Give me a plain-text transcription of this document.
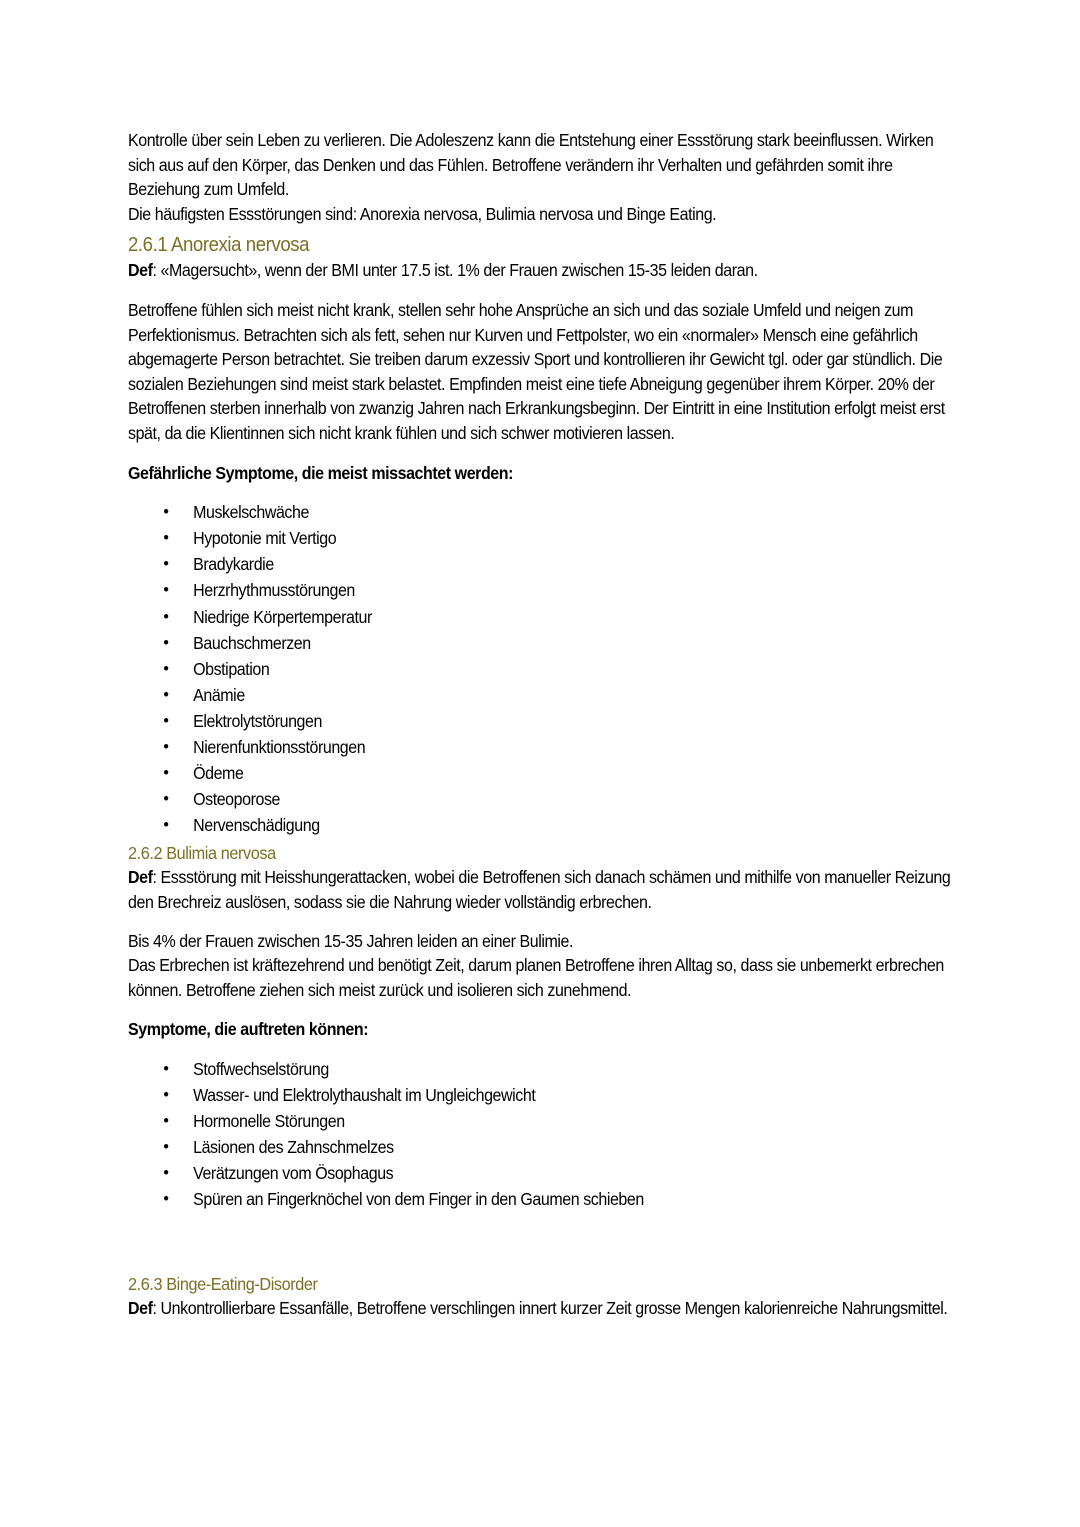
Kontrolle über sein Leben zu verlieren. Die Adoleszenz kann die Entstehung einer Essstörung stark beeinflussen. Wirken sich aus auf den Körper, das Denken und das Fühlen. Betroffene verändern ihr Verhalten und gefährden somit ihre Beziehung zum Umfeld.

Die häufigsten Essstörungen sind: Anorexia nervosa, Bulimia nervosa und Binge Eating.

2.6.1 Anorexia nervosa

Def: «Magersucht», wenn der BMI unter 17.5 ist. 1% der Frauen zwischen 15-35 leiden daran.

Betroffene fühlen sich meist nicht krank, stellen sehr hohe Ansprüche an sich und das soziale Umfeld und neigen zum Perfektionismus. Betrachten sich als fett, sehen nur Kurven und Fettpolster, wo ein «normaler» Mensch eine gefährlich abgemagerte Person betrachtet. Sie treiben darum exzessiv Sport und kontrollieren ihr Gewicht tgl. oder gar stündlich. Die sozialen Beziehungen sind meist stark belastet. Empfinden meist eine tiefe Abneigung gegenüber ihrem Körper. 20% der Betroffenen sterben innerhalb von zwanzig Jahren nach Erkrankungsbeginn. Der Eintritt in eine Institution erfolgt meist erst spät, da die Klientinnen sich nicht krank fühlen und sich schwer motivieren lassen.

Gefährliche Symptome, die meist missachtet werden:

• Muskelschwäche
• Hypotonie mit Vertigo
• Bradykardie
• Herzrhythmusstörungen
• Niedrige Körpertemperatur
• Bauchschmerzen
• Obstipation
• Anämie
• Elektrolytstörungen
• Nierenfunktionsstörungen
• Ödeme
• Osteoporose
• Nervenschädigung
2.6.2 Bulimia nervosa

Def: Essstörung mit Heisshungerattacken, wobei die Betroffenen sich danach schämen und mithilfe von manueller Reizung den Brechreiz auslösen, sodass sie die Nahrung wieder vollständig erbrechen.

Bis 4% der Frauen zwischen 15-35 Jahren leiden an einer Bulimie.

Das Erbrechen ist kräftezehrend und benötigt Zeit, darum planen Betroffene ihren Alltag so, dass sie unbemerkt erbrechen können. Betroffene ziehen sich meist zurück und isolieren sich zunehmend.

Symptome, die auftreten können:

• Stoffwechselstörung
• Wasser- und Elektrolythaushalt im Ungleichgewicht
• Hormonelle Störungen
• Läsionen des Zahnschmelzes
• Verätzungen vom Ösophagus
• Spüren an Fingerknöchel von dem Finger in den Gaumen schieben
2.6.3 Binge-Eating-Disorder

Def: Unkontrollierbare Essanfälle, Betroffene verschlingen innert kurzer Zeit grosse Mengen kalorienreiche Nahrungsmittel.
